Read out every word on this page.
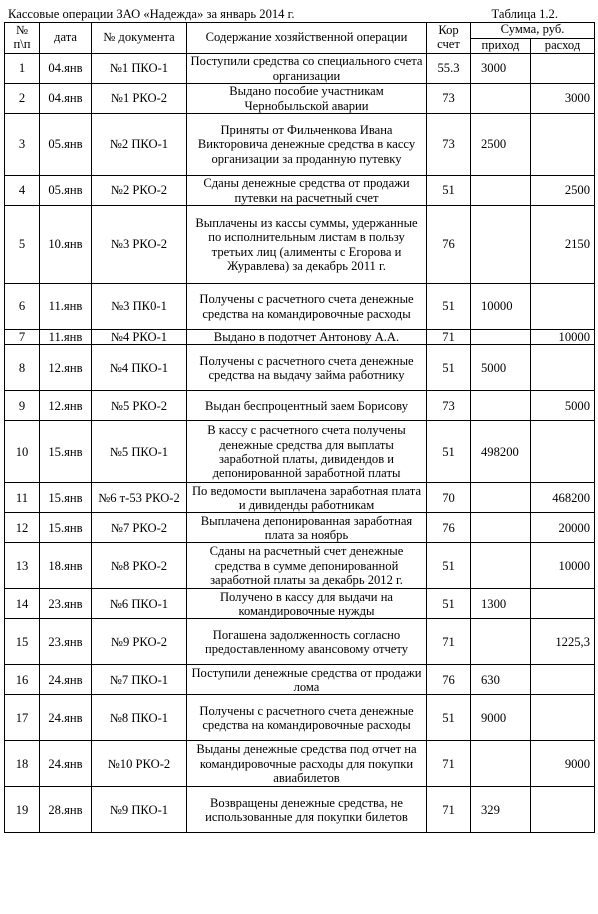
Кассовые операции ЗАО «Надежда» за январь 2014 г.	Таблица 1.2.
№ п\п	дата	№ документа	Содержание хозяйственной операции	Кор счет	Сумма, руб.	
					приход	расход
1	04.янв	№1 ПКО-1	Поступили средства со специального счета организации	55.3	3000	
2	04.янв	№1 РКО-2	Выдано пособие участникам Чернобыльской аварии	73		3000
3	05.янв	№2 ПКО-1	Приняты от Фильченкова Ивана Викторовича денежные средства в кассу организации за проданную путевку	73	2500	
4	05.янв	№2 РКО-2	Сданы денежные средства от продажи путевки на расчетный счет	51		2500
5	10.янв	№3 РКО-2	Выплачены из кассы суммы, удержанные по исполнительным листам в пользу третьих лиц (алименты с Егорова и Журавлева) за декабрь 2011 г.	76		2150
6	11.янв	№3 ПК0-1	Получены с расчетного счета денежные средства на командировочные расходы	51	10000	
7	11.янв	№4 РКО-1	Выдано в подотчет Антонову А.А.	71		10000
8	12.янв	№4 ПКО-1	Получены с расчетного счета денежные средства на выдачу займа работнику	51	5000	
9	12.янв	№5 РКО-2	Выдан беспроцентный заем Борисову	73		5000
10	15.янв	№5 ПКО-1	В кассу с расчетного счета получены денежные средства для выплаты заработной платы, дивидендов и депонированной заработной платы	51	498200	
11	15.янв	№6 т-53 РКО-2	По ведомости выплачена заработная плата и дивиденды работникам	70		468200
12	15.янв	№7 РКО-2	Выплачена депонированная заработная плата за ноябрь	76		20000
13	18.янв	№8 РКО-2	Сданы на расчетный счет денежные средства в сумме депонированной заработной платы за декабрь 2012 г.	51		10000
14	23.янв	№6 ПКО-1	Получено в кассу для выдачи на командировочные нужды	51	1300	
15	23.янв	№9 РКО-2	Погашена задолженность согласно предоставленному авансовому отчету	71		1225,3
16	24.янв	№7 ПКО-1	Поступили денежные средства от продажи лома	76	630	
17	24.янв	№8 ПКО-1	Получены с расчетного счета денежные средства на командировочные расходы	51	9000	
18	24.янв	№10 РКО-2	Выданы денежные средства под отчет на командировочные расходы для покупки авиабилетов	71		9000
19	28.янв	№9 ПКО-1	Возвращены денежные средства, не использованные для покупки билетов	71	329	
